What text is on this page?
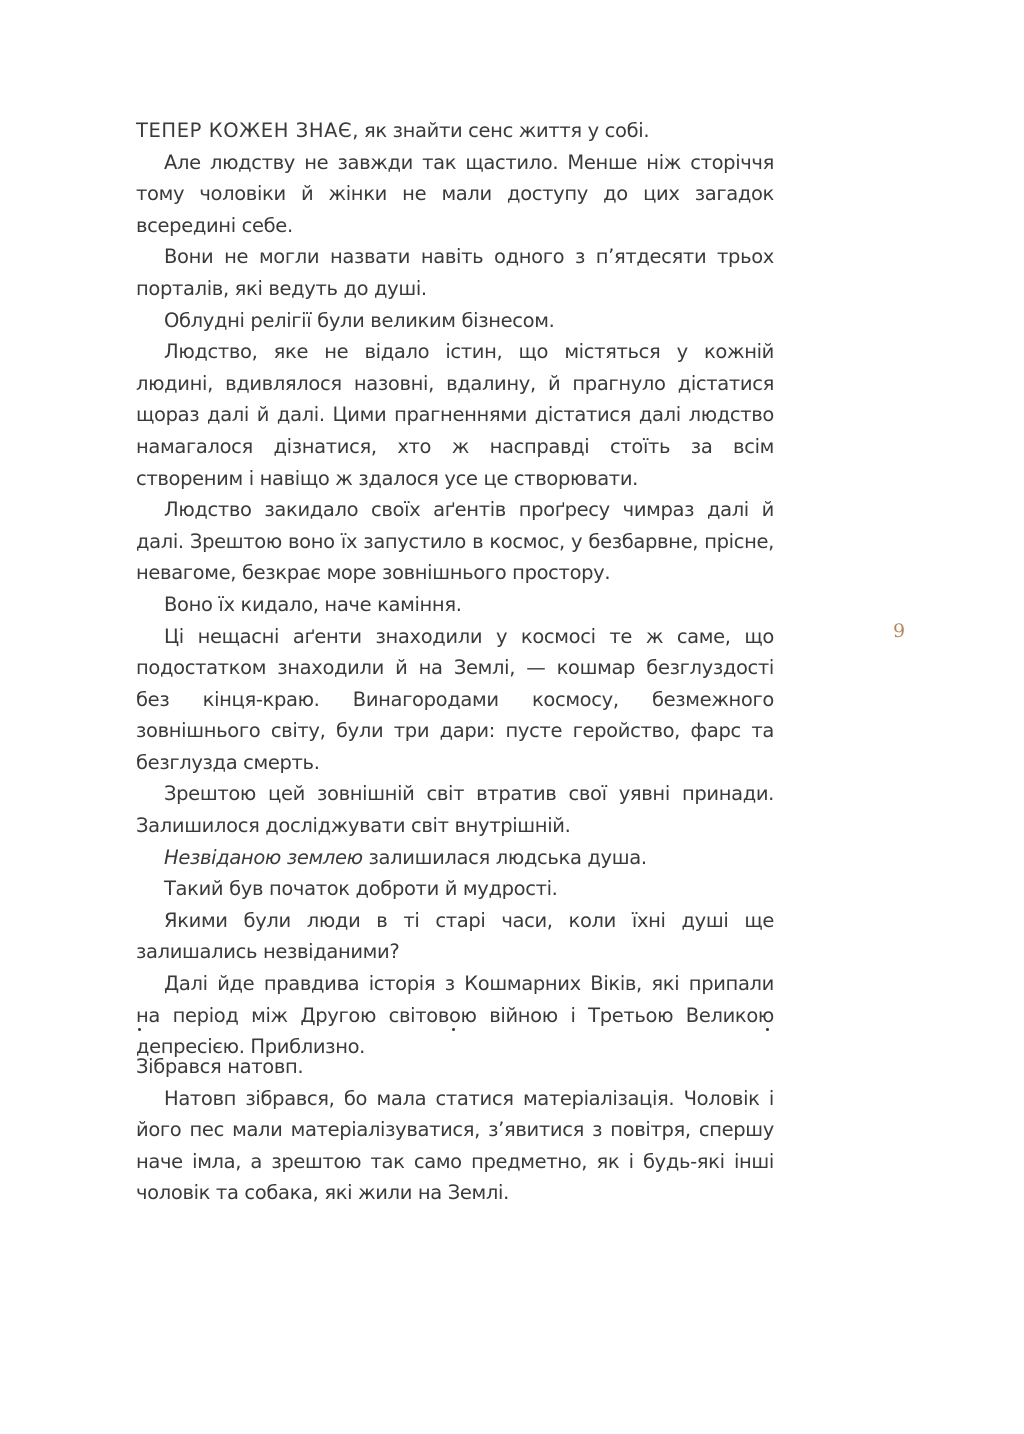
ТЕПЕР КОЖЕН ЗНАЄ, як знайти сенс життя у собі.

Але людству не завжди так щастило. Менше ніж сторіччя тому чоловіки й жінки не мали доступу до цих загадок всередині себе.

Вони не могли назвати навіть одного з п’ятдесяти трьох порталів, які ведуть до душі.

Облудні релігії були великим бізнесом.

Людство, яке не відало істин, що містяться у кожній людині, вдивлялося назовні, вдалину, й прагнуло дістатися щораз далі й далі. Цими прагненнями дістатися далі людство намагалося дізнатися, хто ж насправді стоїть за всім створеним і навіщо ж здалося усе це створювати.

Людство закидало своїх аґентів проґресу чимраз далі й далі. Зрештою воно їх запустило в космос, у безбарвне, прісне, невагоме, безкрає море зовнішнього простору.

Воно їх кидало, наче каміння.

Ці нещасні аґенти знаходили у космосі те ж саме, що подостатком знаходили й на Землі, — кошмар безглуздості без кінця-краю. Винагородами космосу, безмежного зовнішнього світу, були три дари: пусте геройство, фарс та безглузда смерть.

Зрештою цей зовнішній світ втратив свої уявні принади. Залишилося досліджувати світ внутрішній.

Незвіданою землею залишилася людська душа.

Такий був початок доброти й мудрості.

Якими були люди в ті старі часи, коли їхні душі ще залишались незвіданими?

Далі йде правдива історія з Кошмарних Віків, які припали на період між Другою світовою війною і Третьою Великою депресією. Приблизно.

Зібрався натовп.

Натовп зібрався, бо мала статися матеріалізація. Чоловік і його пес мали матеріалізуватися, з’явитися з повітря, спершу наче імла, а зрештою так само предметно, як і будь-які інші чоловік та собака, які жили на Землі.

9
